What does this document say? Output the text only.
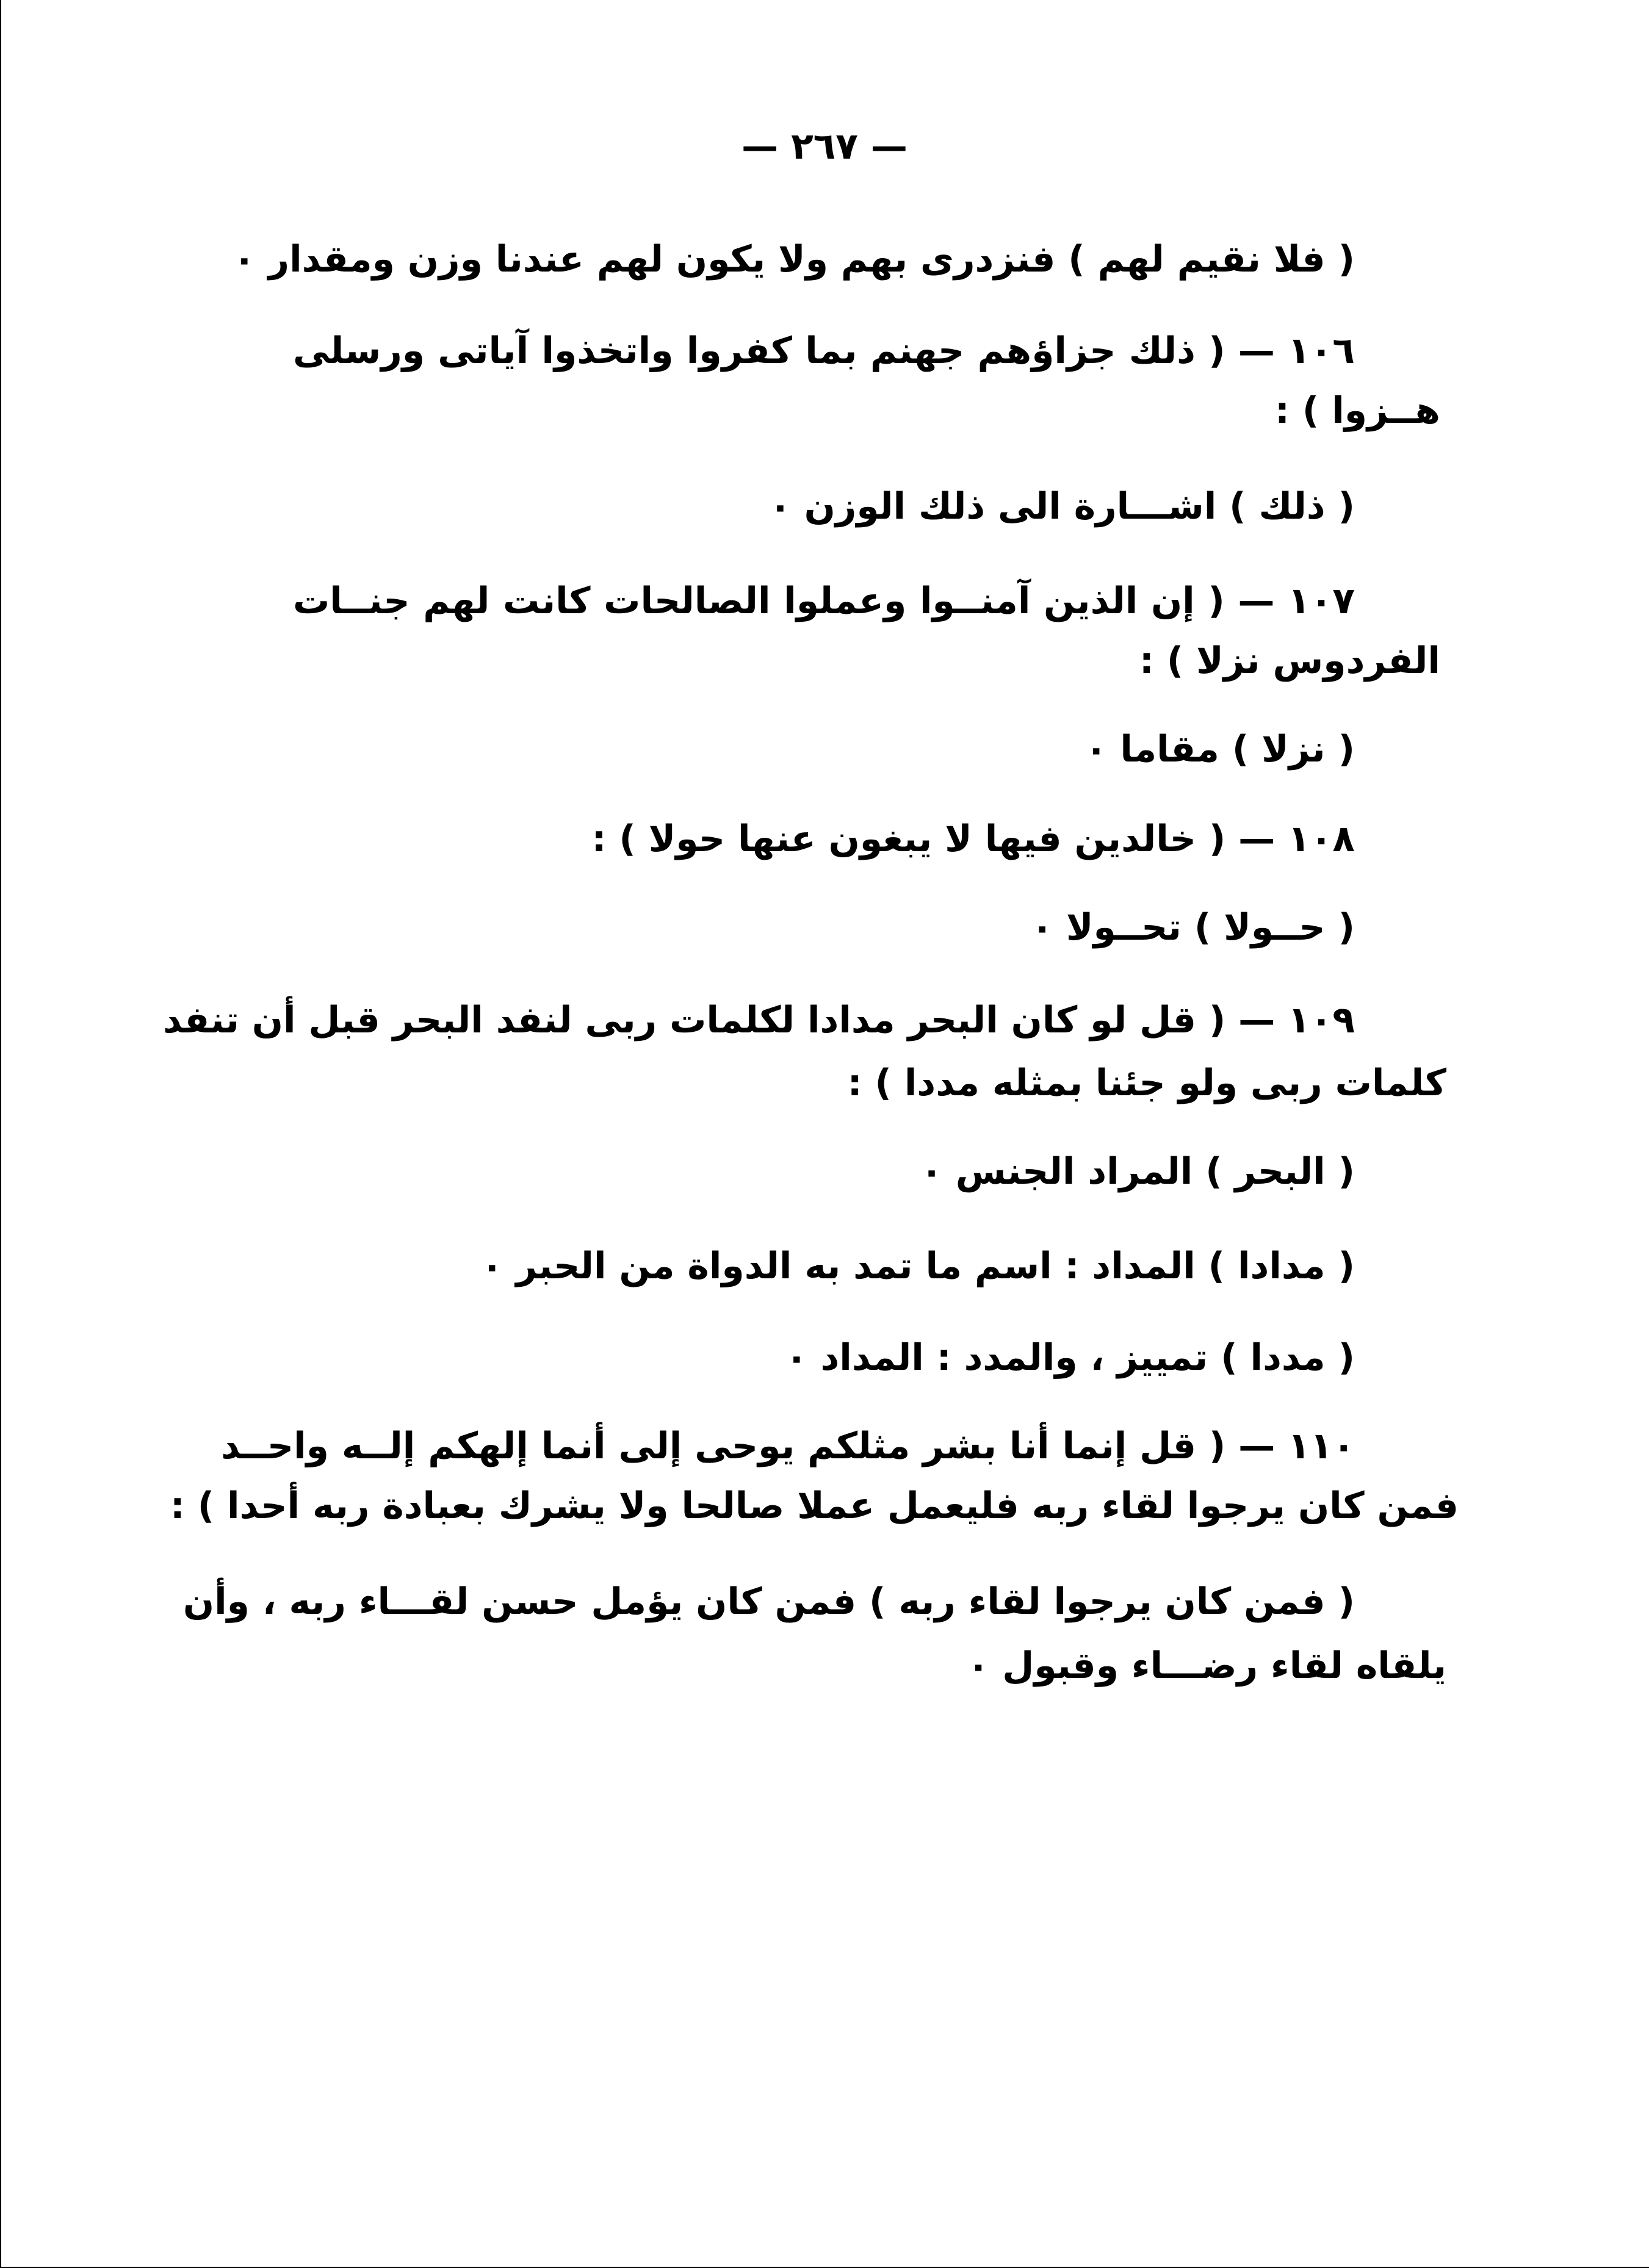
— ٢٦٧ —
( فلا نقيم لهم ) فنزدرى بهم ولا يكون لهم عندنا وزن ومقدار ٠
١٠٦ — ( ذلك جزاؤهم جهنم بما كفروا واتخذوا آياتى ورسلى
هــزوا ) :
( ذلك ) اشـــارة الى ذلك الوزن ٠
١٠٧ — ( إن الذين آمنــوا وعملوا الصالحات كانت لهم جنــات
الفردوس نزلا ) :
( نزلا ) مقاما ٠
١٠٨ — ( خالدين فيها لا يبغون عنها حولا ) :
( حــولا ) تحــولا ٠
١٠٩ — ( قل لو كان البحر مدادا لكلمات ربى لنفد البحر قبل أن تنفد
كلمات ربى ولو جئنا بمثله مددا ) :
( البحر ) المراد الجنس ٠
( مدادا ) المداد : اسم ما تمد به الدواة من الحبر ٠
( مددا ) تمييز ، والمدد : المداد ٠
١١٠ — ( قل إنما أنا بشر مثلكم يوحى إلى أنما إلهكم إلــه واحــد
فمن كان يرجوا لقاء ربه فليعمل عملا صالحا ولا يشرك بعبادة ربه أحدا ) :
( فمن كان يرجوا لقاء ربه ) فمن كان يؤمل حسن لقـــاء ربه ، وأن
يلقاه لقاء رضـــاء وقبول ٠
